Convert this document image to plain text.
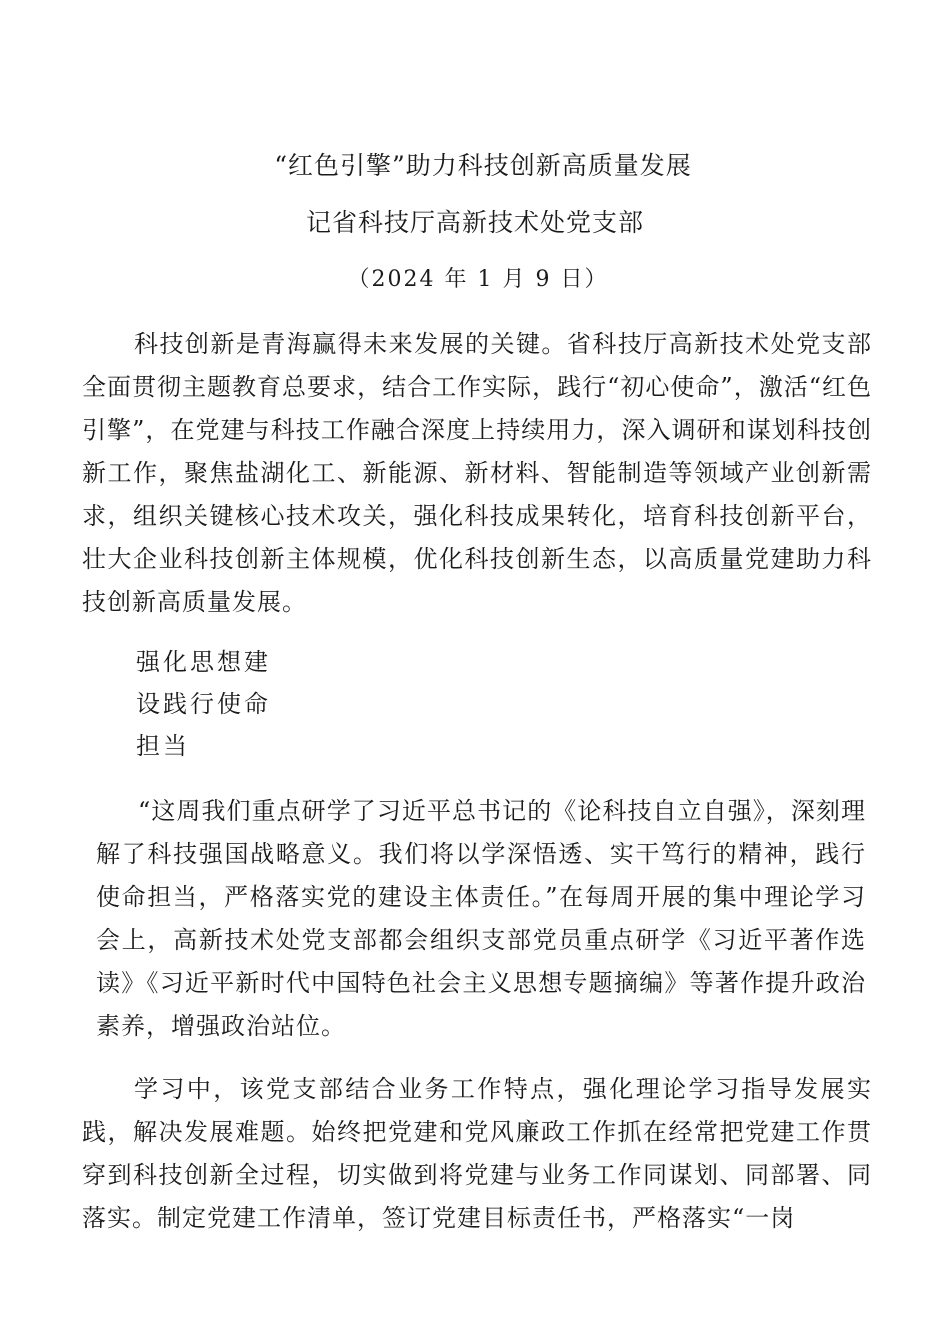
“红色引擎”助力科技创新高质量发展
记省科技厅高新技术处党支部
（2024 年 1 月 9 日）

科技创新是青海赢得未来发展的关键。省科技厅高新技术处党支部全面贯彻主题教育总要求，结合工作实际，践行“初心使命”，激活“红色引擎”，在党建与科技工作融合深度上持续用力，深入调研和谋划科技创新工作，聚焦盐湖化工、新能源、新材料、智能制造等领域产业创新需求，组织关键核心技术攻关，强化科技成果转化，培育科技创新平台，壮大企业科技创新主体规模，优化科技创新生态，以高质量党建助力科技创新高质量发展。

强化思想建
设践行使命
担当

“这周我们重点研学了习近平总书记的《论科技自立自强》，深刻理解了科技强国战略意义。我们将以学深悟透、实干笃行的精神，践行使命担当，严格落实党的建设主体责任。”在每周开展的集中理论学习会上，高新技术处党支部都会组织支部党员重点研学《习近平著作选读》《习近平新时代中国特色社会主义思想专题摘编》等著作提升政治素养，增强政治站位。

学习中，该党支部结合业务工作特点，强化理论学习指导发展实践，解决发展难题。始终把党建和党风廉政工作抓在经常把党建工作贯穿到科技创新全过程，切实做到将党建与业务工作同谋划、同部署、同落实。制定党建工作清单，签订党建目标责任书，严格落实“一岗
